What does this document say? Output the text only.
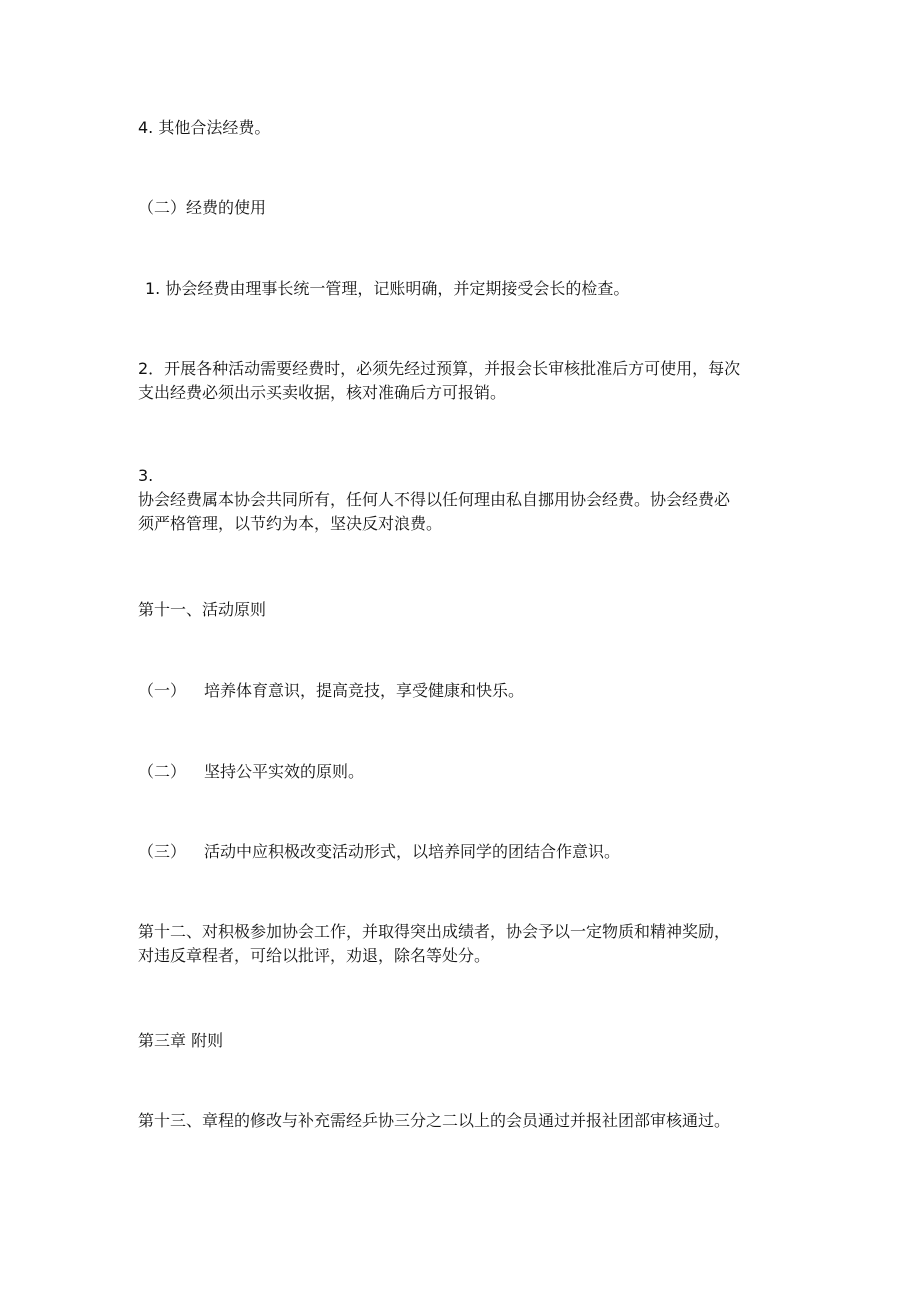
4. 其他合法经费。
（二）经费的使用
1. 协会经费由理事长统一管理，记账明确，并定期接受会长的检查。
2．开展各种活动需要经费时，必须先经过预算，并报会长审核批准后方可使用，每次
支出经费必须出示买卖收据，核对准确后方可报销。
3.
协会经费属本协会共同所有，任何人不得以任何理由私自挪用协会经费。协会经费必
须严格管理，以节约为本，坚决反对浪费。
第十一、活动原则
（一） 培养体育意识，提高竞技，享受健康和快乐。
（二） 坚持公平实效的原则。
（三） 活动中应积极改变活动形式，以培养同学的团结合作意识。
第十二、对积极参加协会工作，并取得突出成绩者，协会予以一定物质和精神奖励，
对违反章程者，可给以批评，劝退，除名等处分。
第三章 附则
第十三、章程的修改与补充需经乒协三分之二以上的会员通过并报社团部审核通过。
